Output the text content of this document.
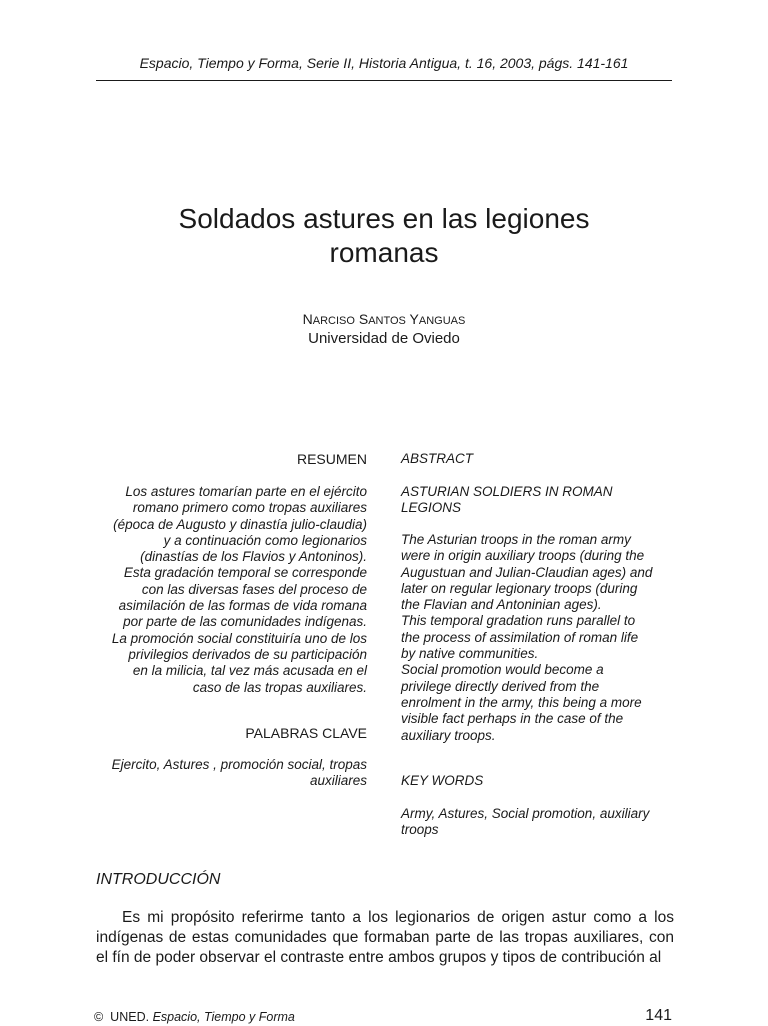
Espacio, Tiempo y Forma, Serie II, Historia Antigua, t. 16, 2003, págs. 141-161
Soldados astures en las legiones
romanas
NARCISO SANTOS YANGUAS
Universidad de Oviedo
RESUMEN
Los astures tomarían parte en el ejército
romano primero como tropas auxiliares
(época de Augusto y dinastía julio-claudia)
y a continuación como legionarios
(dinastías de los Flavios y Antoninos).
Esta gradación temporal se corresponde
con las diversas fases del proceso de
asimilación de las formas de vida romana
por parte de las comunidades indígenas.
La promoción social constituiría uno de los
privilegios derivados de su participación
en la milicia, tal vez más acusada en el
caso de las tropas auxiliares.
PALABRAS CLAVE
Ejercito, Astures , promoción social, tropas
auxiliares
ABSTRACT
ASTURIAN SOLDIERS IN ROMAN
LEGIONS
The Asturian troops in the roman army
were in origin auxiliary troops (during the
Augustuan and Julian-Claudian ages) and
later on regular legionary troops (during
the Flavian and Antoninian ages).
This temporal gradation runs parallel to
the process of assimilation of roman life
by native communities.
Social promotion would become a
privilege directly derived from the
enrolment in the army, this being a more
visible fact perhaps in the case of the
auxiliary troops.
KEY WORDS
Army, Astures, Social promotion, auxiliary
troops
INTRODUCCIÓN
Es mi propósito referirme tanto a los legionarios de origen astur como a los indígenas de estas comunidades que formaban parte de las tropas auxiliares, con el fín de poder observar el contraste entre ambos grupos y tipos de contribución al
© UNED. Espacio, Tiempo y Forma	141
